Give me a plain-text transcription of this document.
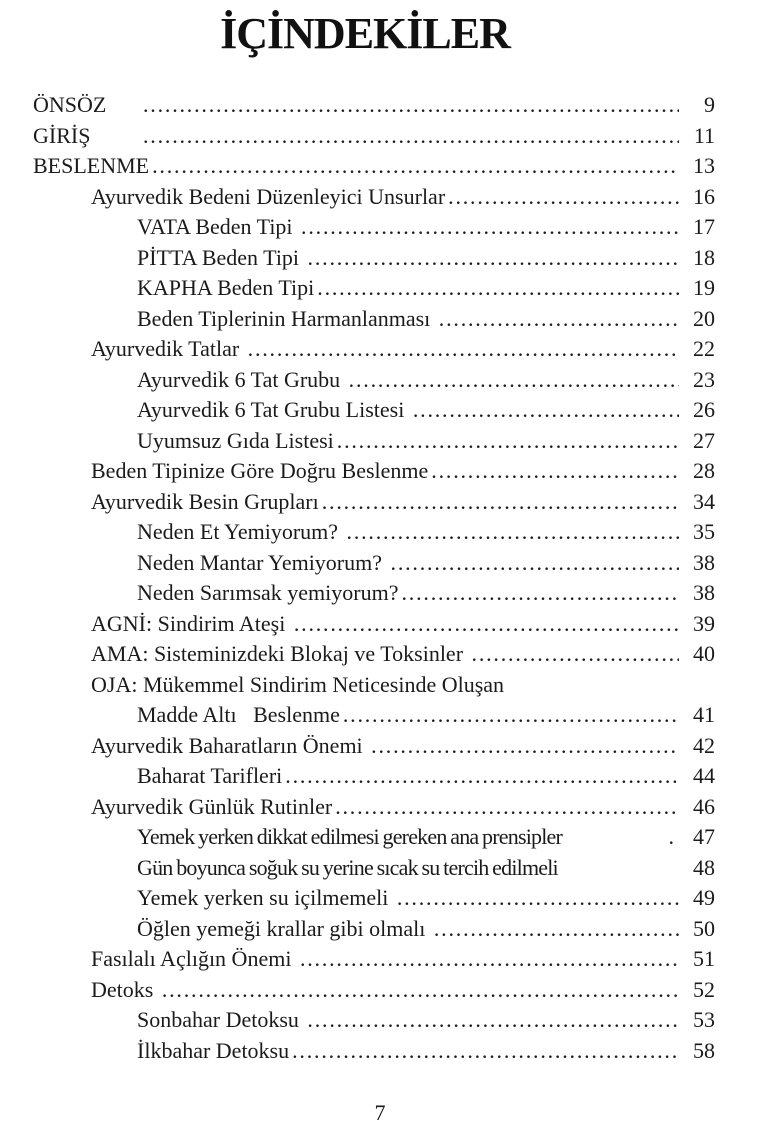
İÇİNDEKİLER
ÖNSÖZ .....	9
GİRİŞ .....	11
BESLENME .....	13
Ayurvedik Bedeni Düzenleyici Unsurlar .....	16
VATA Beden Tipi .....	17
PİTTA Beden Tipi .....	18
KAPHA Beden Tipi .....	19
Beden Tiplerinin Harmanlanması .....	20
Ayurvedik Tatlar .....	22
Ayurvedik 6 Tat Grubu .....	23
Ayurvedik 6 Tat Grubu Listesi .....	26
Uyumsuz Gıda Listesi .....	27
Beden Tipinize Göre Doğru Beslenme .....	28
Ayurvedik Besin Grupları .....	34
Neden Et Yemiyorum? .....	35
Neden Mantar Yemiyorum? .....	38
Neden Sarımsak yemiyorum? .....	38
AGNİ: Sindirim Ateşi .....	39
AMA: Sisteminizdeki Blokaj ve Toksinler .....	40
OJA: Mükemmel Sindirim Neticesinde Oluşan
Madde Altı   Beslenme .....	41
Ayurvedik Baharatların Önemi .....	42
Baharat Tarifleri .....	44
Ayurvedik Günlük Rutinler .....	46
Yemek yerken dikkat edilmesi gereken ana prensipler .	47
Gün boyunca soğuk su yerine sıcak su tercih edilmeli	48
Yemek yerken su içilmemeli .....	49
Öğlen yemeği krallar gibi olmalı .....	50
Fasılalı Açlığın Önemi .....	51
Detoks .....	52
Sonbahar Detoksu .....	53
İlkbahar Detoksu .....	58
7
